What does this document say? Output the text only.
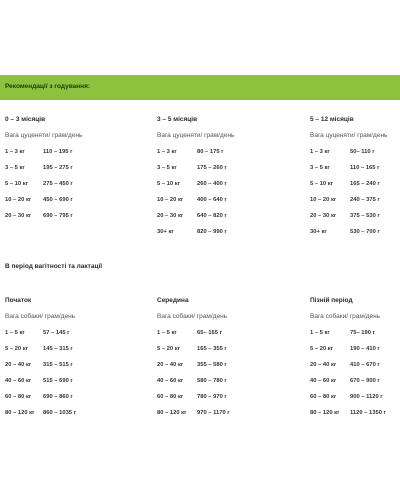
Рекомендації з годування:
0 – 3 місяців
Вага цуценяти/ грам/день
1 – 3 кг	110 – 195 г
3 – 5 кг	195 – 275 г
5 – 10 кг	275 – 450 г
10 – 20 кг 450 – 690 г
20 – 30 кг 690 – 795 г
3 – 5 місяців
Вага цуценяти/ грам/день
1 – 3 кг	80 – 175 г
3 – 5 кг	175 – 260 г
5 – 10 кг	260 – 400 г
10 – 20 кг 400 – 640 г
20 – 30 кг 640 – 820 г
30+ кг	820 – 990 г
5 – 12 місяців
Вага цуценяти/ грам/день
1 – 3 кг	50– 110 г
3 – 5 кг	110 – 165 г
5 – 10 кг	165 – 240 г
10 – 20 кг 240 – 375 г
20 – 30 кг 375 – 530 г
30+ кг	530 – 700 г
В період вагітності та лактації
Початок
Вага собаки/ грам/день
1 – 5 кг	57 – 145 г
5 – 20 кг	145 – 315 г
20 – 40 кг 315 – 515 г
40 – 60 кг 515 – 690 г
60 – 80 кг 690 – 860 г
80 – 120 кг 860 – 1035 г
Середина
Вага собаки/ грам/день
1 – 5 кг	65– 165 г
5 – 20 кг	165 – 355 г
20 – 40 кг 355 – 580 г
40 – 60 кг 580 – 780 г
60 – 80 кг 780 – 970 г
80 – 120 кг 970 – 1170 г
Пізній період
Вага собаки/ грам/день
1 – 5 кг	75– 190 г
5 – 20 кг	190 – 410 г
20 – 40 кг 410 – 670 г
40 – 60 кг 670 – 900 г
60 – 80 кг 900 – 1120 г
80 – 120 кг 1120 – 1350 г
